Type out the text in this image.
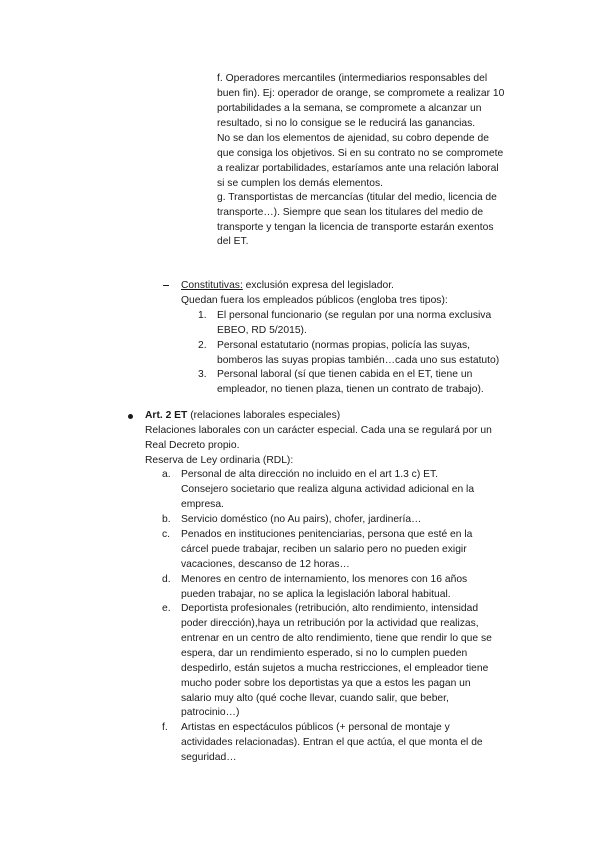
f. Operadores mercantiles (intermediarios responsables del
buen fin). Ej: operador de orange, se compromete a realizar 10
portabilidades a la semana, se compromete a alcanzar un
resultado, si no lo consigue se le reducirá las ganancias.
No se dan los elementos de ajenidad, su cobro depende de
que consiga los objetivos. Si en su contrato no se compromete
a realizar portabilidades, estaríamos ante una relación laboral
si se cumplen los demás elementos.
g. Transportistas de mercancías (titular del medio, licencia de
transporte…). Siempre que sean los titulares del medio de
transporte y tengan la licencia de transporte estarán exentos
del ET.
Constitutivas: exclusión expresa del legislador.
Quedan fuera los empleados públicos (engloba tres tipos):
1. El personal funcionario (se regulan por una norma exclusiva
EBEO, RD 5/2015).
2. Personal estatutario (normas propias, policía las suyas,
bomberos las suyas propias también…cada uno sus estatuto)
3. Personal laboral (sí que tienen cabida en el ET, tiene un
empleador, no tienen plaza, tienen un contrato de trabajo).
Art. 2 ET (relaciones laborales especiales)
Relaciones laborales con un carácter especial. Cada una se regulará por un
Real Decreto propio.
Reserva de Ley ordinaria (RDL):
a. Personal de alta dirección no incluido en el art 1.3 c) ET.
Consejero societario que realiza alguna actividad adicional en la
empresa.
b. Servicio doméstico (no Au pairs), chofer, jardinería…
c. Penados en instituciones penitenciarias, persona que esté en la
cárcel puede trabajar, reciben un salario pero no pueden exigir
vacaciones, descanso de 12 horas…
d. Menores en centro de internamiento, los menores con 16 años
pueden trabajar, no se aplica la legislación laboral habitual.
e. Deportista profesionales (retribución, alto rendimiento, intensidad
poder dirección),haya un retribución por la actividad que realizas,
entrenar en un centro de alto rendimiento, tiene que rendir lo que se
espera, dar un rendimiento esperado, si no lo cumplen pueden
despedirlo, están sujetos a mucha restricciones, el empleador tiene
mucho poder sobre los deportistas ya que a estos les pagan un
salario muy alto (qué coche llevar, cuando salir, que beber,
patrocinio…)
f. Artistas en espectáculos públicos (+ personal de montaje y
actividades relacionadas). Entran el que actúa, el que monta el de
seguridad…
